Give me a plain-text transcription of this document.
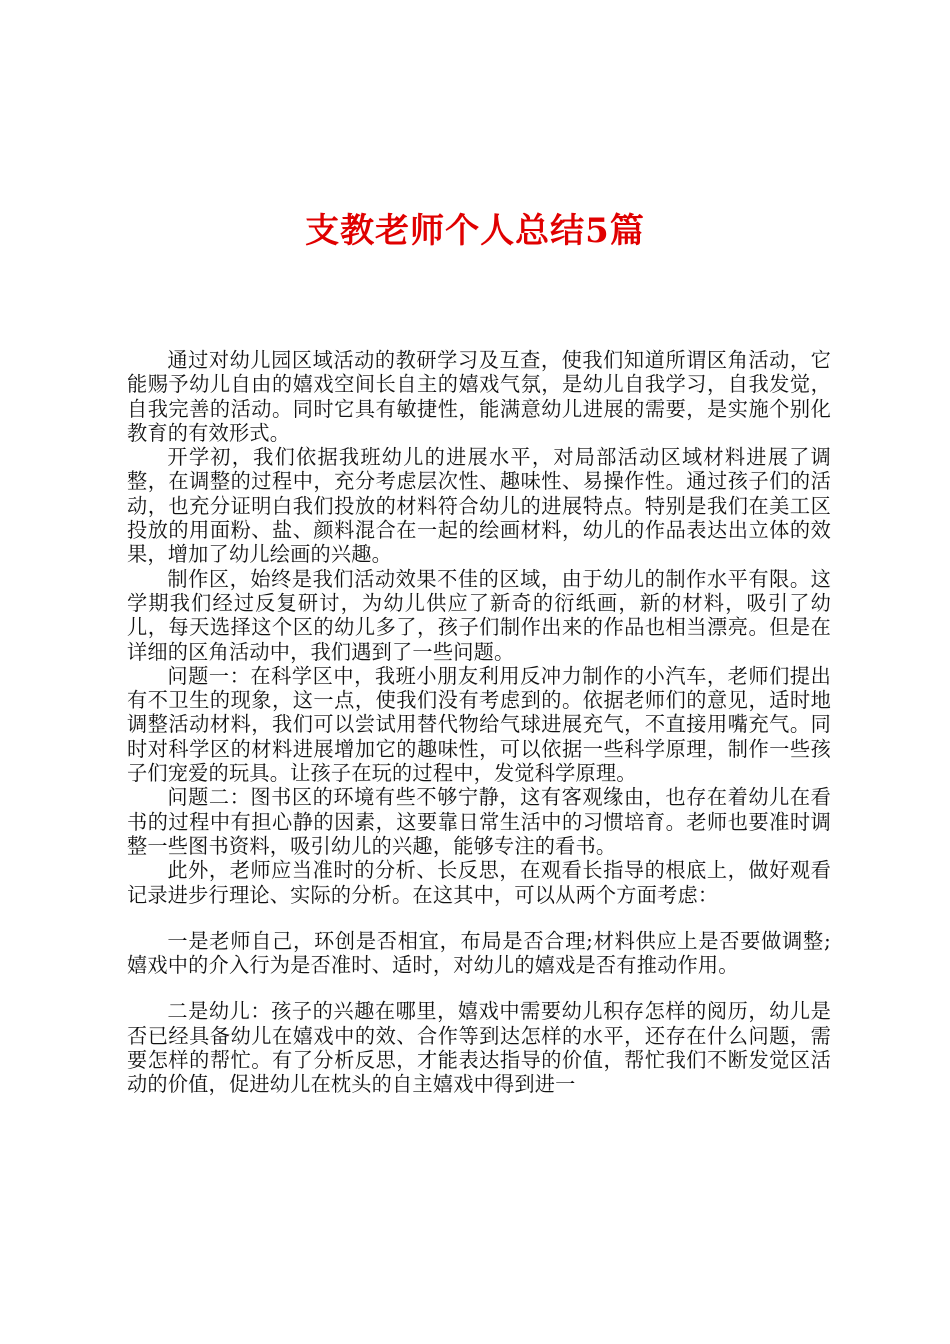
支教老师个人总结5篇

通过对幼儿园区域活动的教研学习及互查，使我们知道所谓区角活动，它能赐予幼儿自由的嬉戏空间长自主的嬉戏气氛，是幼儿自我学习，自我发觉，自我完善的活动。同时它具有敏捷性，能满意幼儿进展的需要，是实施个别化教育的有效形式。

开学初，我们依据我班幼儿的进展水平，对局部活动区域材料进展了调整，在调整的过程中，充分考虑层次性、趣味性、易操作性。通过孩子们的活动，也充分证明白我们投放的材料符合幼儿的进展特点。特别是我们在美工区投放的用面粉、盐、颜料混合在一起的绘画材料，幼儿的作品表达出立体的效果，增加了幼儿绘画的兴趣。

制作区，始终是我们活动效果不佳的区域，由于幼儿的制作水平有限。这学期我们经过反复研讨，为幼儿供应了新奇的衍纸画，新的材料，吸引了幼儿，每天选择这个区的幼儿多了，孩子们制作出来的作品也相当漂亮。但是在详细的区角活动中，我们遇到了一些问题。

问题一：在科学区中，我班小朋友利用反冲力制作的小汽车，老师们提出有不卫生的现象，这一点，使我们没有考虑到的。依据老师们的意见，适时地调整活动材料，我们可以尝试用替代物给气球进展充气，不直接用嘴充气。同时对科学区的材料进展增加它的趣味性，可以依据一些科学原理，制作一些孩子们宠爱的玩具。让孩子在玩的过程中，发觉科学原理。

问题二：图书区的环境有些不够宁静，这有客观缘由，也存在着幼儿在看书的过程中有担心静的因素，这要靠日常生活中的习惯培育。老师也要准时调整一些图书资料，吸引幼儿的兴趣，能够专注的看书。

此外，老师应当准时的分析、长反思，在观看长指导的根底上，做好观看记录进步行理论、实际的分析。在这其中，可以从两个方面考虑：

一是老师自己，环创是否相宜，布局是否合理;材料供应上是否要做调整;嬉戏中的介入行为是否准时、适时，对幼儿的嬉戏是否有推动作用。

二是幼儿：孩子的兴趣在哪里，嬉戏中需要幼儿积存怎样的阅历，幼儿是否已经具备幼儿在嬉戏中的效、合作等到达怎样的水平，还存在什么问题，需要怎样的帮忙。有了分析反思，才能表达指导的价值，帮忙我们不断发觉区活动的价值，促进幼儿在枕头的自主嬉戏中得到进一
